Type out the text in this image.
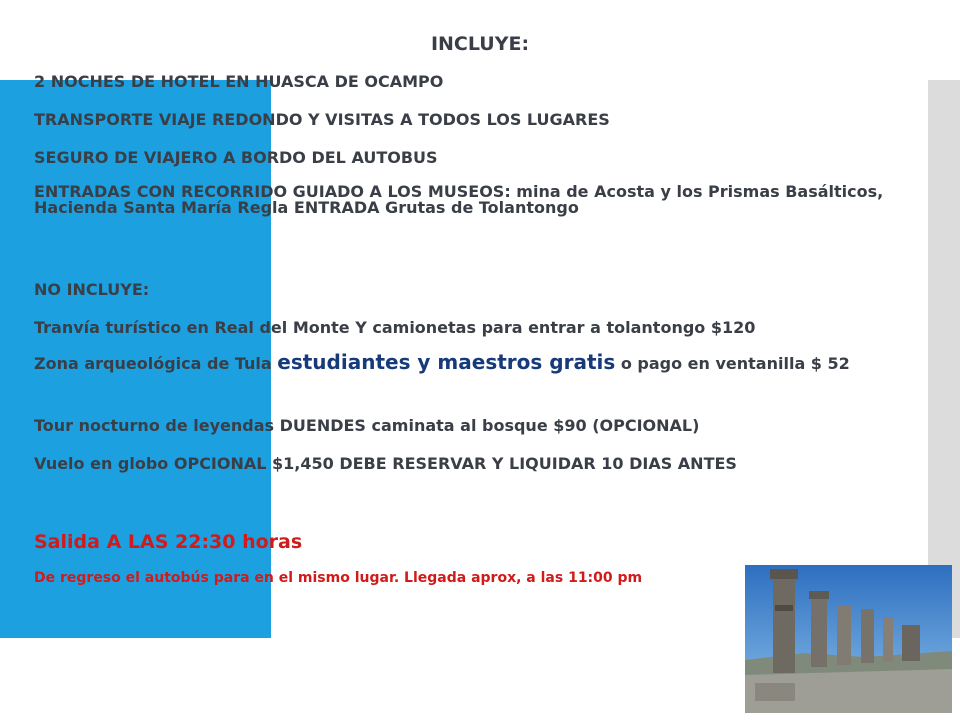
INCLUYE:
2 NOCHES DE HOTEL EN HUASCA DE OCAMPO
TRANSPORTE VIAJE REDONDO Y VISITAS A TODOS LOS LUGARES
SEGURO DE VIAJERO A BORDO DEL AUTOBUS
ENTRADAS CON RECORRIDO GUIADO A LOS MUSEOS: mina de Acosta y los Prismas Basálticos, Hacienda Santa María Regla ENTRADA Grutas de Tolantongo
NO INCLUYE:
Tranvía turístico en Real del Monte Y camionetas para entrar a tolantongo $120
Zona arqueológica de Tula estudiantes y maestros gratis o pago en ventanilla $ 52
Tour nocturno de leyendas DUENDES caminata al bosque $90 (OPCIONAL)
Vuelo en globo OPCIONAL $1,450 DEBE RESERVAR Y LIQUIDAR 10 DIAS ANTES
Salida A LAS 22:30 horas
De regreso el autobús para en el mismo lugar. Llegada aprox, a las 11:00 pm
